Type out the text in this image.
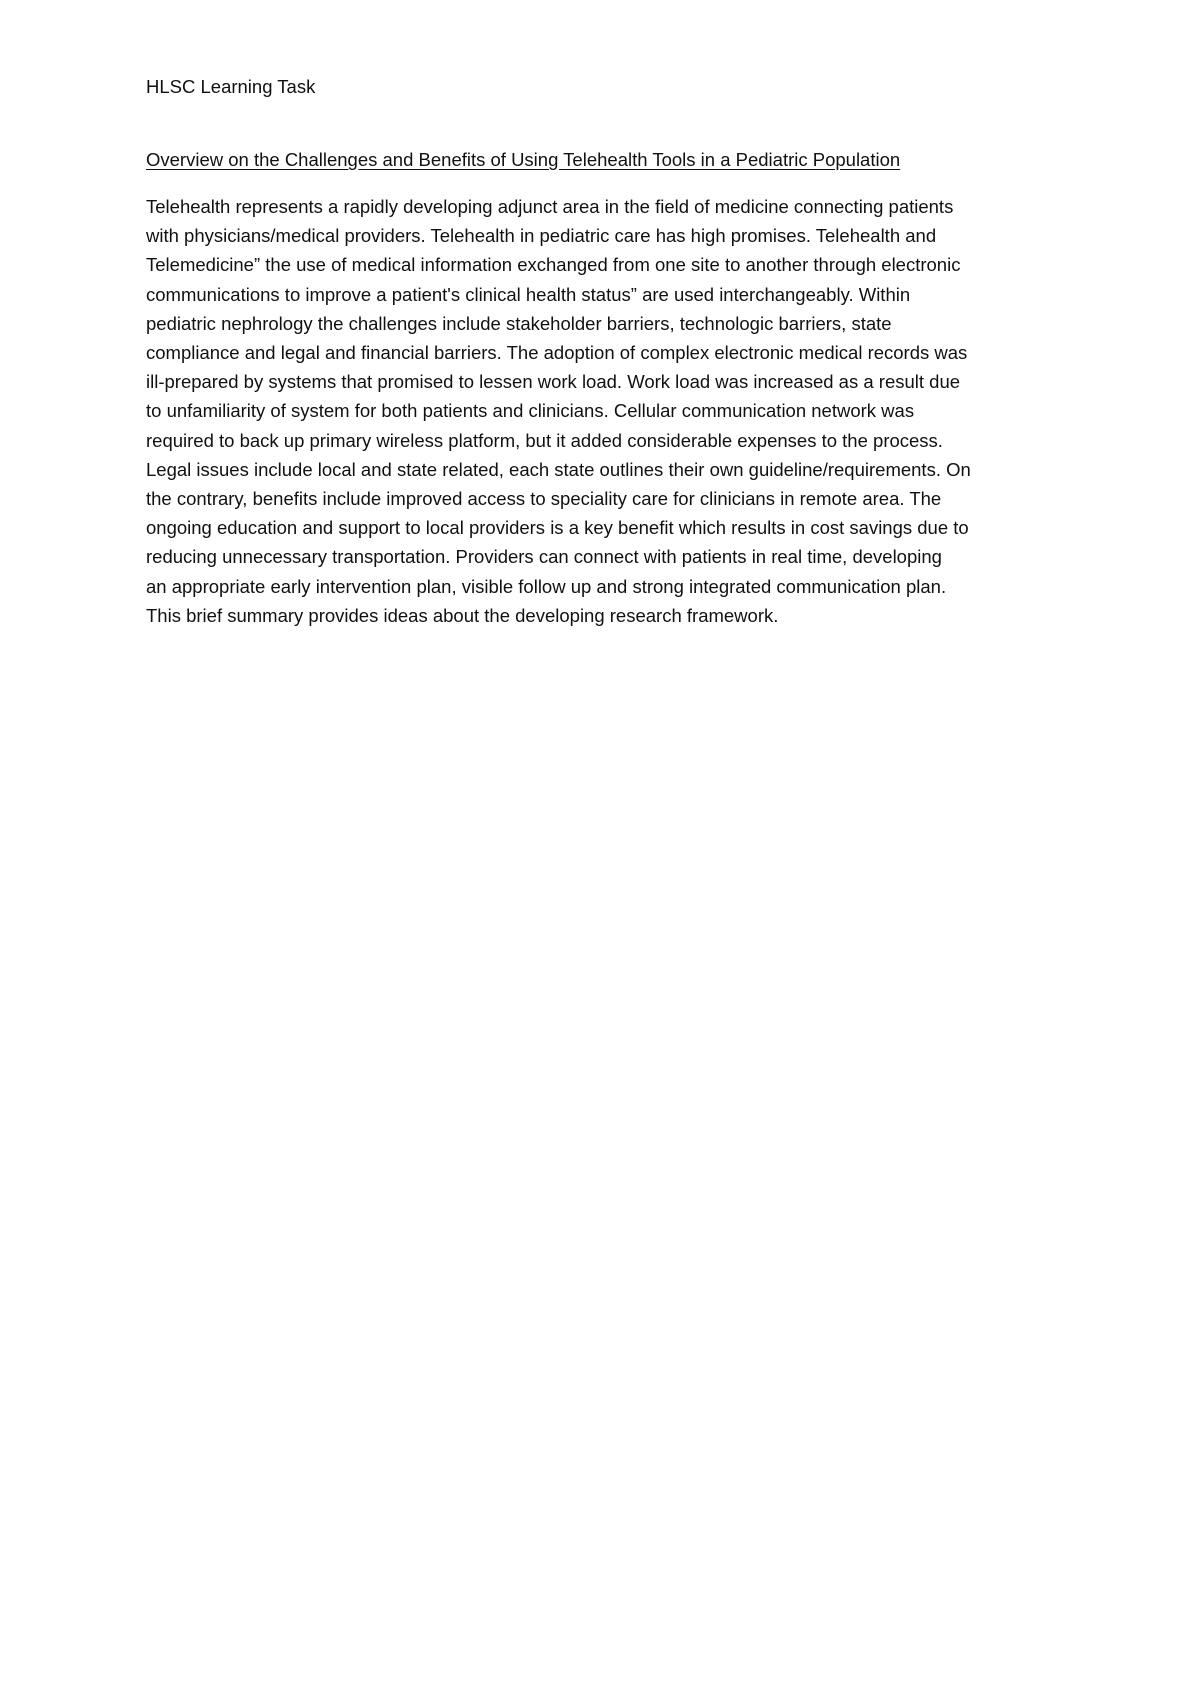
HLSC Learning Task
Overview on the Challenges and Benefits of Using Telehealth Tools in a Pediatric Population
Telehealth represents a rapidly developing adjunct area in the field of medicine connecting patients
with physicians/medical providers. Telehealth in pediatric care has high promises. Telehealth and
Telemedicine” the use of medical information exchanged from one site to another through electronic
communications to improve a patient's clinical health status” are used interchangeably. Within
pediatric nephrology the challenges include stakeholder barriers, technologic barriers, state
compliance and legal and financial barriers. The adoption of complex electronic medical records was
ill-prepared by systems that promised to lessen work load. Work load was increased as a result due
to unfamiliarity of system for both patients and clinicians. Cellular communication network was
required to back up primary wireless platform, but it added considerable expenses to the process.
Legal issues include local and state related, each state outlines their own guideline/requirements. On
the contrary, benefits include improved access to speciality care for clinicians in remote area. The
ongoing education and support to local providers is a key benefit which results in cost savings due to
reducing unnecessary transportation. Providers can connect with patients in real time, developing
an appropriate early intervention plan, visible follow up and strong integrated communication plan.
This brief summary provides ideas about the developing research framework.
